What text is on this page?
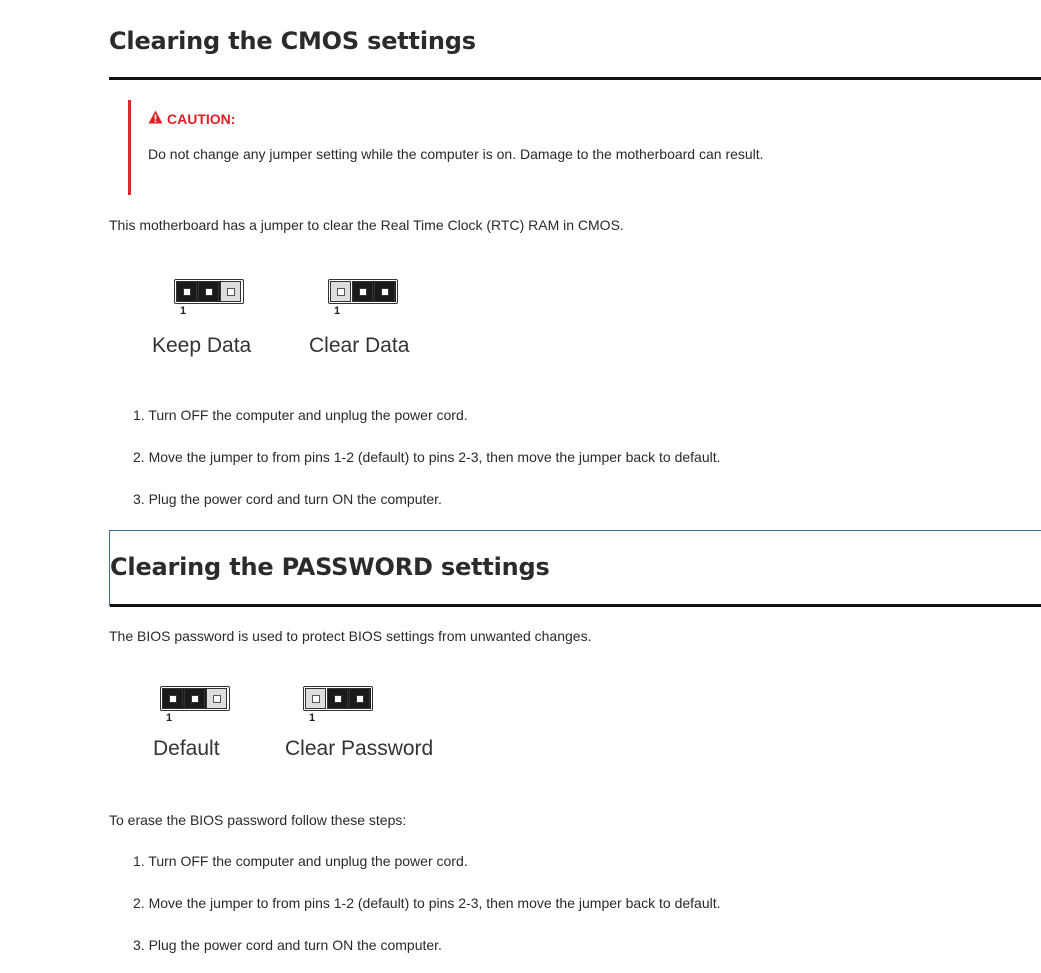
Clearing the CMOS settings
CAUTION:
Do not change any jumper setting while the computer is on. Damage to the motherboard can result.
This motherboard has a jumper to clear the Real Time Clock (RTC) RAM in CMOS.
1
Keep Data
1
Clear Data
1. Turn OFF the computer and unplug the power cord.
2. Move the jumper to from pins 1-2 (default) to pins 2-3, then move the jumper back to default.
3. Plug the power cord and turn ON the computer.
Clearing the PASSWORD settings
The BIOS password is used to protect BIOS settings from unwanted changes.
1
Default
1
Clear Password
To erase the BIOS password follow these steps:
1. Turn OFF the computer and unplug the power cord.
2. Move the jumper to from pins 1-2 (default) to pins 2-3, then move the jumper back to default.
3. Plug the power cord and turn ON the computer.
